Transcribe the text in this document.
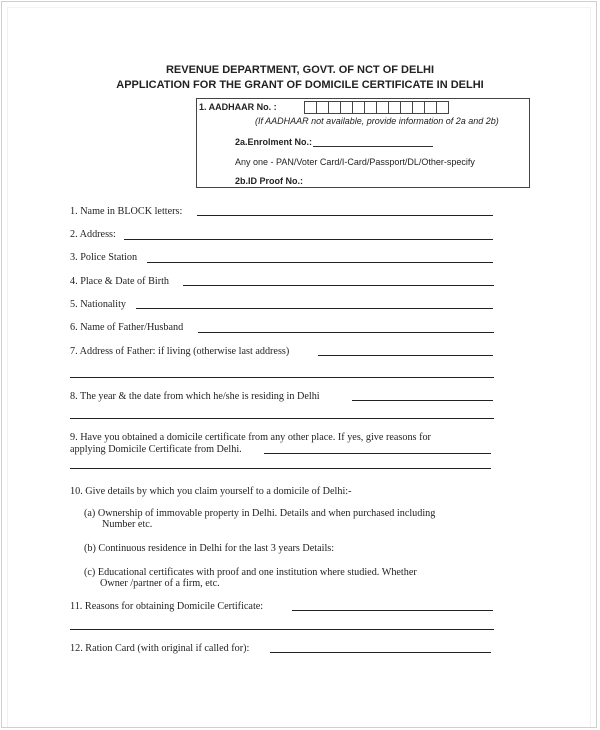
REVENUE DEPARTMENT, GOVT. OF NCT OF DELHI
APPLICATION FOR THE GRANT OF DOMICILE CERTIFICATE IN DELHI
1. AADHAAR No. :
(If AADHAAR not available, provide information of 2a and 2b)
2a.Enrolment No.:
Any one - PAN/Voter Card/I-Card/Passport/DL/Other-specify
2b.ID Proof No.:
1. Name in BLOCK letters:
2. Address:
3. Police Station
4. Place & Date of Birth
5. Nationality
6. Name of Father/Husband
7. Address of Father: if living (otherwise last address)
8. The year & the date from which he/she is residing in Delhi
9. Have you obtained a domicile certificate from any other place. If yes, give reasons for
applying Domicile Certificate from Delhi.
10. Give details by which you claim yourself to a domicile of Delhi:-
(a) Ownership of immovable property in Delhi. Details and when purchased including
Number etc.
(b) Continuous residence in Delhi for the last 3 years Details:
(c) Educational certificates with proof and one institution where studied. Whether
Owner /partner of a firm, etc.
11. Reasons for obtaining Domicile Certificate:
12. Ration Card (with original if called for):
